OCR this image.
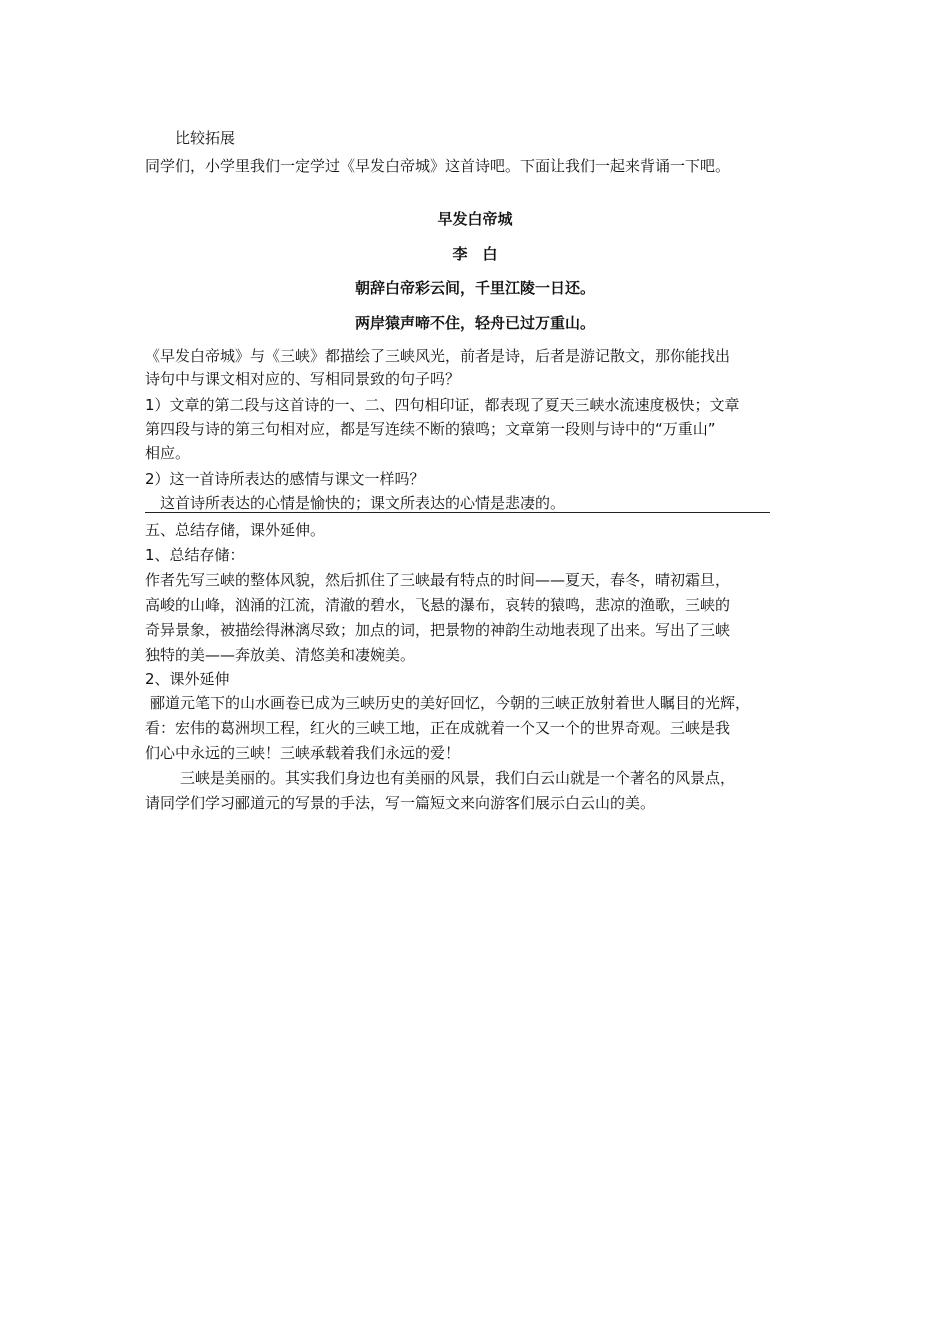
比较拓展
同学们，小学里我们一定学过《早发白帝城》这首诗吧。下面让我们一起来背诵一下吧。
早发白帝城
李　白
朝辞白帝彩云间，千里江陵一日还。
两岸猿声啼不住，轻舟已过万重山。
《早发白帝城》与《三峡》都描绘了三峡风光，前者是诗，后者是游记散文，那你能找出
诗句中与课文相对应的、写相同景致的句子吗？
1）文章的第二段与这首诗的一、二、四句相印证，都表现了夏天三峡水流速度极快；文章
第四段与诗的第三句相对应，都是写连续不断的猿鸣；文章第一段则与诗中的“万重山”
相应。
2）这一首诗所表达的感情与课文一样吗？
这首诗所表达的心情是愉快的；课文所表达的心情是悲凄的。
五、总结存储，课外延伸。
1、总结存储：
作者先写三峡的整体风貌，然后抓住了三峡最有特点的时间——夏天，春冬，晴初霜旦，
高峻的山峰，汹涌的江流，清澈的碧水，飞悬的瀑布，哀转的猿鸣，悲凉的渔歌，三峡的
奇异景象，被描绘得淋漓尽致；加点的词，把景物的神韵生动地表现了出来。写出了三峡
独特的美——奔放美、清悠美和凄婉美。
2、课外延伸
郦道元笔下的山水画卷已成为三峡历史的美好回忆，今朝的三峡正放射着世人瞩目的光辉，
看：宏伟的葛洲坝工程，红火的三峡工地，正在成就着一个又一个的世界奇观。三峡是我
们心中永远的三峡！三峡承载着我们永远的爱！
三峡是美丽的。其实我们身边也有美丽的风景，我们白云山就是一个著名的风景点，
请同学们学习郦道元的写景的手法，写一篇短文来向游客们展示白云山的美。
